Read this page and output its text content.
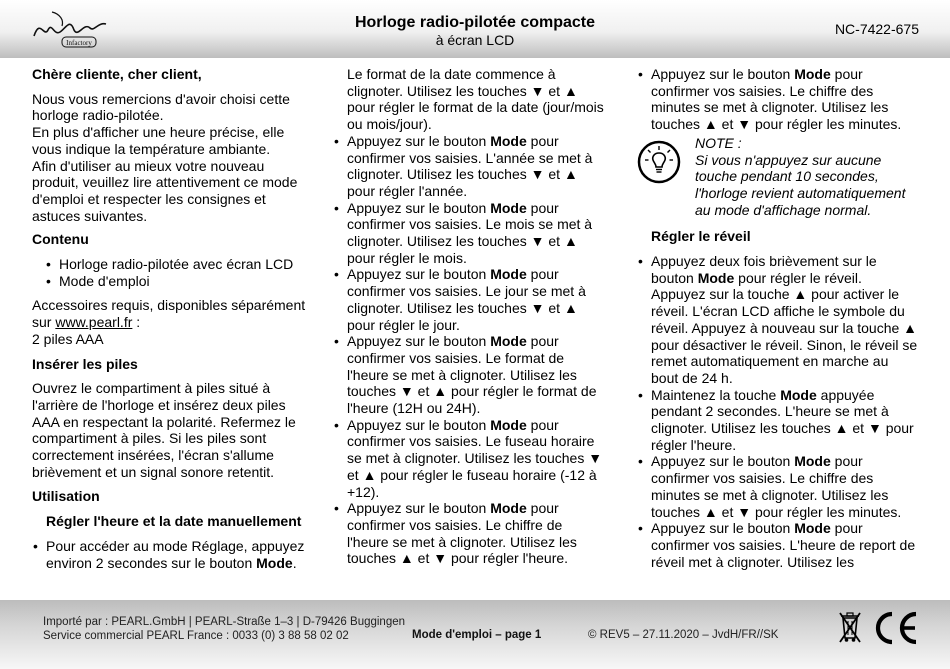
Infactory
Horloge radio-pilotée compacte
à écran LCD
NC-7422-675
Chère cliente, cher client,

Nous vous remercions d'avoir choisi cette horloge radio-pilotée.
En plus d'afficher une heure précise, elle vous indique la température ambiante.
Afin d'utiliser au mieux votre nouveau produit, veuillez lire attentivement ce mode d'emploi et respecter les consignes et astuces suivantes.

Contenu
• Horloge radio-pilotée avec écran LCD
• Mode d'emploi

Accessoires requis, disponibles séparément sur www.pearl.fr :
2 piles AAA

Insérer les piles

Ouvrez le compartiment à piles situé à l'arrière de l'horloge et insérez deux piles AAA en respectant la polarité. Refermez le compartiment à piles. Si les piles sont correctement insérées, l'écran s'allume brièvement et un signal sonore retentit.

Utilisation
Régler l'heure et la date manuellement
• Pour accéder au mode Réglage, appuyez environ 2 secondes sur le bouton Mode.

Le format de la date commence à clignoter. Utilisez les touches ▼ et ▲ pour régler le format de la date (jour/mois ou mois/jour).

• Appuyez sur le bouton Mode pour confirmer vos saisies. L'année se met à clignoter. Utilisez les touches ▼ et ▲ pour régler l'année.
• Appuyez sur le bouton Mode pour confirmer vos saisies. Le mois se met à clignoter. Utilisez les touches ▼ et ▲ pour régler le mois.
• Appuyez sur le bouton Mode pour confirmer vos saisies. Le jour se met à clignoter. Utilisez les touches ▼ et ▲ pour régler le jour.
• Appuyez sur le bouton Mode pour confirmer vos saisies. Le format de l'heure se met à clignoter. Utilisez les touches ▼ et ▲ pour régler le format de l'heure (12H ou 24H).
• Appuyez sur le bouton Mode pour confirmer vos saisies. Le fuseau horaire se met à clignoter. Utilisez les touches ▼ et ▲ pour régler le fuseau horaire (-12 à +12).
• Appuyez sur le bouton Mode pour confirmer vos saisies. Le chiffre de l'heure se met à clignoter. Utilisez les touches ▲ et ▼ pour régler l'heure.
• Appuyez sur le bouton Mode pour confirmer vos saisies. Le chiffre des minutes se met à clignoter. Utilisez les touches ▲ et ▼ pour régler les minutes.
NOTE :
Si vous n'appuyez sur aucune touche pendant 10 secondes, l'horloge revient automatiquement au mode d'affichage normal.
Régler le réveil
• Appuyez deux fois brièvement sur le bouton Mode pour régler le réveil. Appuyez sur la touche ▲ pour activer le réveil. L'écran LCD affiche le symbole du réveil. Appuyez à nouveau sur la touche ▲ pour désactiver le réveil. Sinon, le réveil se remet automatiquement en marche au bout de 24 h.
• Maintenez la touche Mode appuyée pendant 2 secondes. L'heure se met à clignoter. Utilisez les touches ▲ et ▼ pour régler l'heure.
• Appuyez sur le bouton Mode pour confirmer vos saisies. Le chiffre des minutes se met à clignoter. Utilisez les touches ▲ et ▼ pour régler les minutes.
• Appuyez sur le bouton Mode pour confirmer vos saisies. L'heure de report de réveil met à clignoter. Utilisez les
Importé par : PEARL.GmbH | PEARL-Straße 1–3 | D-79426 Buggingen
Service commercial PEARL France : 0033 (0) 3 88 58 02 02	Mode d'emploi – page 1	© REV5 – 27.11.2020 – JvdH/FR//SK
